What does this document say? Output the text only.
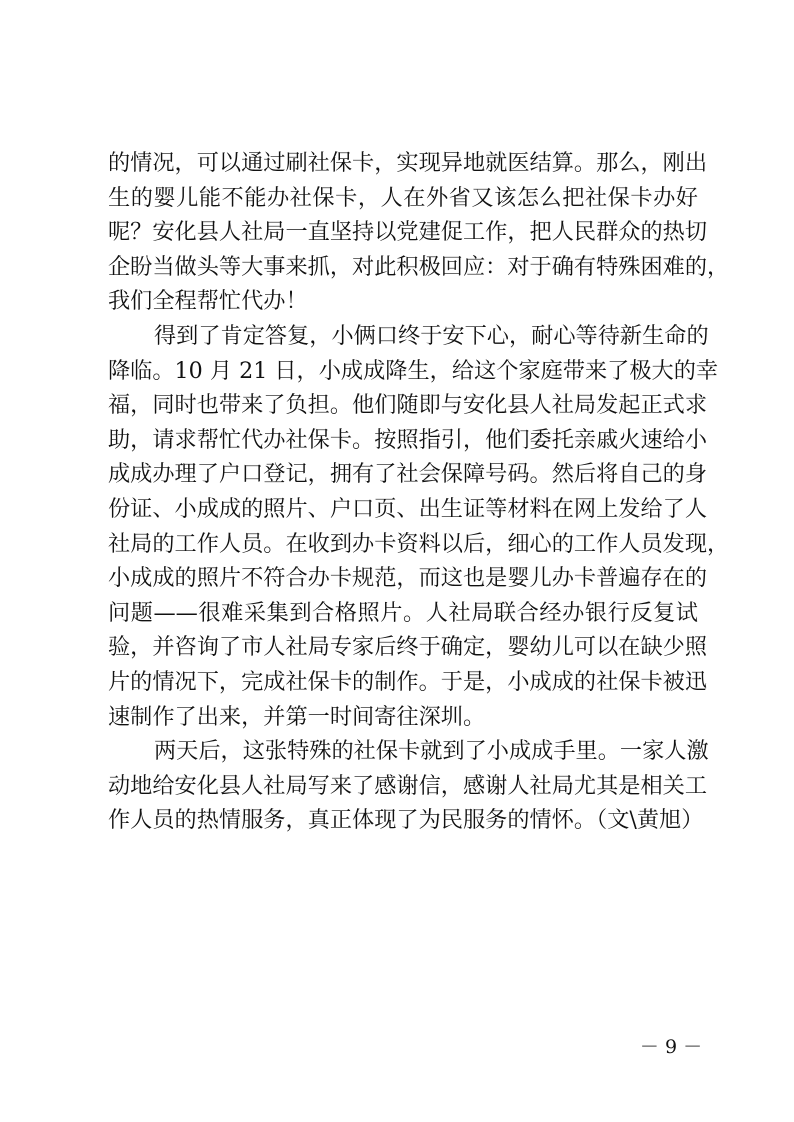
的情况，可以通过刷社保卡，实现异地就医结算。那么，刚出
生的婴儿能不能办社保卡，人在外省又该怎么把社保卡办好
呢？安化县人社局一直坚持以党建促工作，把人民群众的热切
企盼当做头等大事来抓，对此积极回应：对于确有特殊困难的，
我们全程帮忙代办！
得到了肯定答复，小俩口终于安下心，耐心等待新生命的
降临。10 月 21 日，小成成降生，给这个家庭带来了极大的幸
福，同时也带来了负担。他们随即与安化县人社局发起正式求
助，请求帮忙代办社保卡。按照指引，他们委托亲戚火速给小
成成办理了户口登记，拥有了社会保障号码。然后将自己的身
份证、小成成的照片、户口页、出生证等材料在网上发给了人
社局的工作人员。在收到办卡资料以后，细心的工作人员发现，
小成成的照片不符合办卡规范，而这也是婴儿办卡普遍存在的
问题——很难采集到合格照片。人社局联合经办银行反复试
验，并咨询了市人社局专家后终于确定，婴幼儿可以在缺少照
片的情况下，完成社保卡的制作。于是，小成成的社保卡被迅
速制作了出来，并第一时间寄往深圳。
两天后，这张特殊的社保卡就到了小成成手里。一家人激
动地给安化县人社局写来了感谢信，感谢人社局尤其是相关工
作人员的热情服务，真正体现了为民服务的情怀。（文\黄旭）
－ 9 －
